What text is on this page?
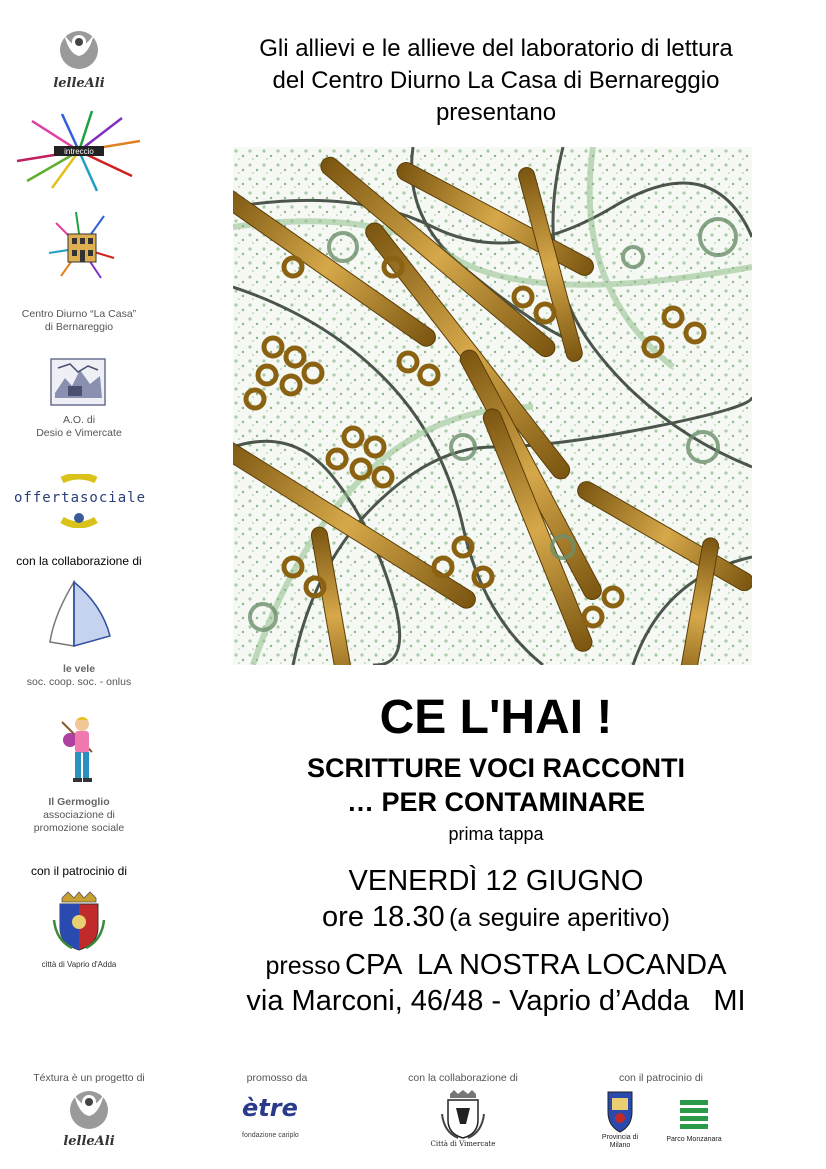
lelleAli
intreccio
Centro Diurno “La Casa”
di Bernareggio
A.O. di
Desio e Vimercate
offertasociale
con la collaborazione di
le vele
soc. coop. soc. - onlus
Il Germoglio
associazione di
promozione sociale
con il patrocinio di
città di Vaprio d'Adda
Gli allievi e le allieve del laboratorio di lettura
del Centro Diurno La Casa di Bernareggio
presentano
CE L'HAI !
SCRITTURE VOCI RACCONTI
… PER CONTAMINARE
prima tappa
VENERDÌ 12 GIUGNO
ore 18.30 (a seguire aperitivo)
presso CPA  LA NOSTRA LOCANDA
via Marconi, 46/48 - Vaprio d’Adda   MI
Téxtura è un progetto di
lelleAli
promosso da
ètre
fondazione cariplo
con la collaborazione di
Città di Vimercate
con il patrocinio di
Provincia di Milano
Parco Monzanara
